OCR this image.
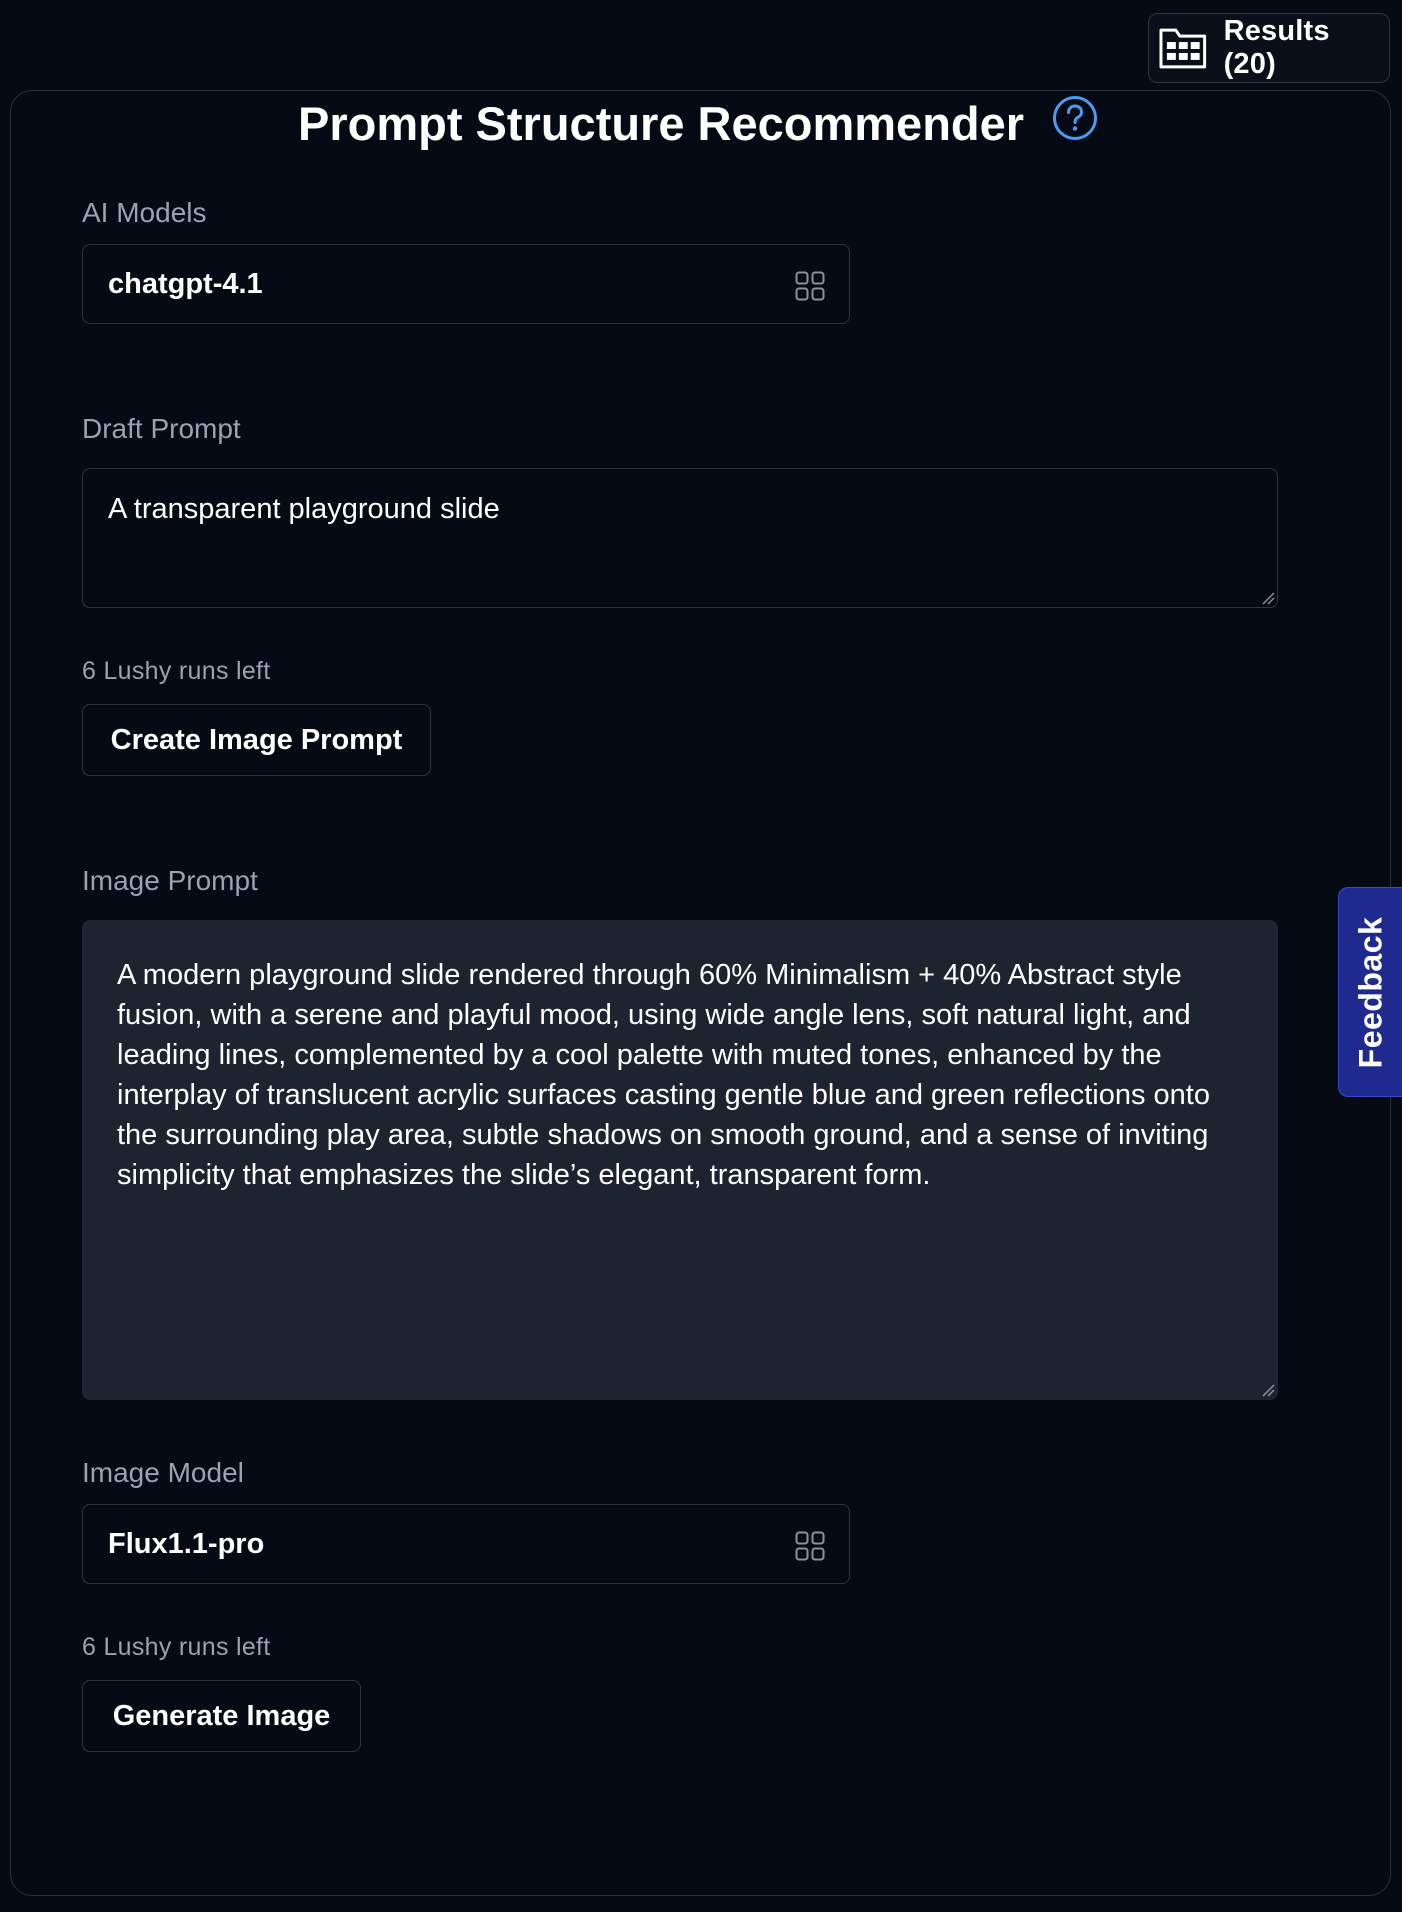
Results (20)
Prompt Structure Recommender
AI Models
chatgpt-4.1
Draft Prompt
A transparent playground slide
6 Lushy runs left
Create Image Prompt
Image Prompt
A modern playground slide rendered through 60% Minimalism + 40% Abstract style fusion, with a serene and playful mood, using wide angle lens, soft natural light, and leading lines, complemented by a cool palette with muted tones, enhanced by the interplay of translucent acrylic surfaces casting gentle blue and green reflections onto the surrounding play area, subtle shadows on smooth ground, and a sense of inviting simplicity that emphasizes the slide’s elegant, transparent form.
Image Model
Flux1.1-pro
6 Lushy runs left
Generate Image
Feedback
